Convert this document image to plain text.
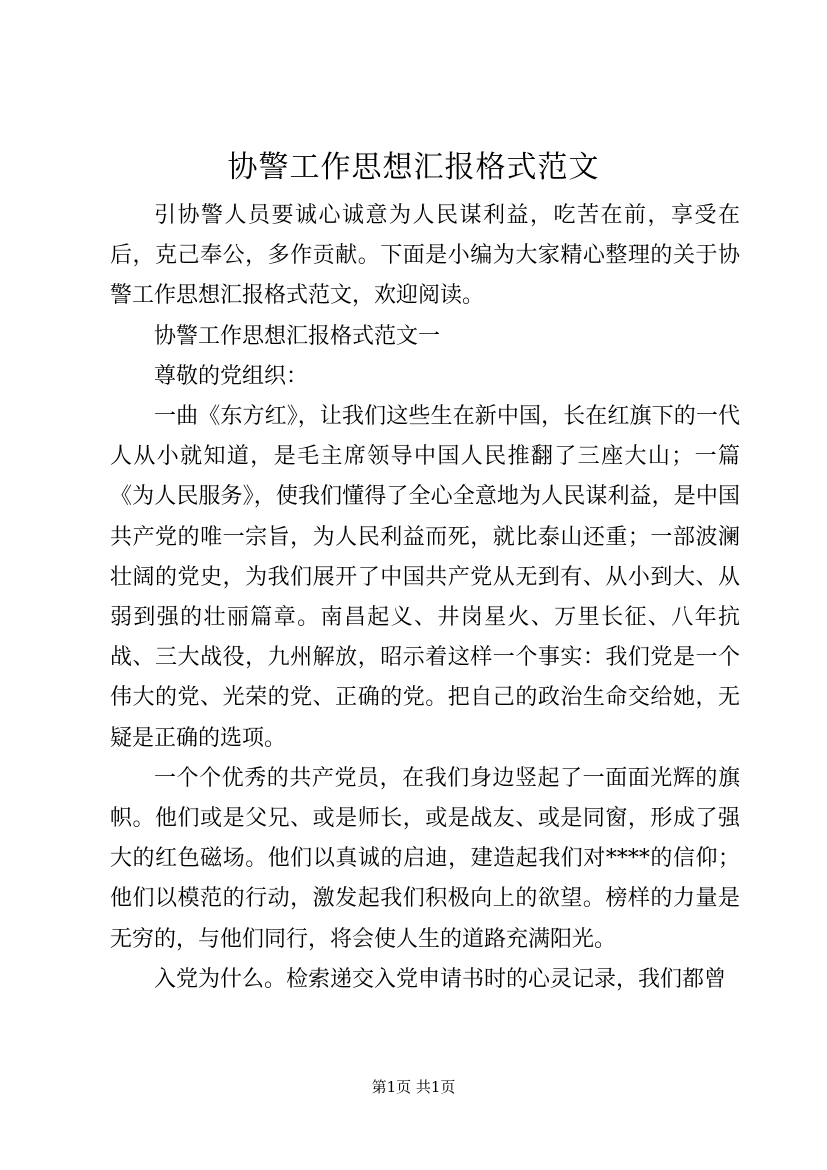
协警工作思想汇报格式范文

引协警人员要诚心诚意为人民谋利益，吃苦在前，享受在后，克己奉公，多作贡献。下面是小编为大家精心整理的关于协警工作思想汇报格式范文，欢迎阅读。

协警工作思想汇报格式范文一

尊敬的党组织：

一曲《东方红》，让我们这些生在新中国，长在红旗下的一代人从小就知道，是毛主席领导中国人民推翻了三座大山；一篇《为人民服务》，使我们懂得了全心全意地为人民谋利益，是中国共产党的唯一宗旨，为人民利益而死，就比泰山还重；一部波澜壮阔的党史，为我们展开了中国共产党从无到有、从小到大、从弱到强的壮丽篇章。南昌起义、井岗星火、万里长征、八年抗战、三大战役，九州解放，昭示着这样一个事实：我们党是一个伟大的党、光荣的党、正确的党。把自己的政治生命交给她，无疑是正确的选项。

一个个优秀的共产党员，在我们身边竖起了一面面光辉的旗帜。他们或是父兄、或是师长，或是战友、或是同窗，形成了强大的红色磁场。他们以真诚的启迪，建造起我们对****的信仰；他们以模范的行动，激发起我们积极向上的欲望。榜样的力量是无穷的，与他们同行，将会使人生的道路充满阳光。

入党为什么。检索递交入党申请书时的心灵记录，我们都曾

第1页 共1页
